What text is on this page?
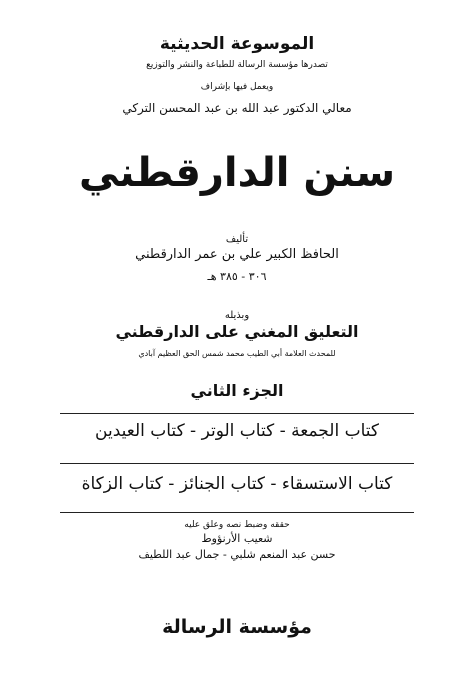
الموسوعة الحديثية
تصدرها مؤسسة الرسالة للطباعة والنشر والتوزيع
ويعمل فيها بإشراف
معالي الدكتور عبد الله بن عبد المحسن التركي
سنن الدارقطني
تأليف
الحافظ الكبير علي بن عمر الدارقطني
٣٠٦ - ٣٨٥ هـ
وبذيله
التعليق المغني على الدارقطني
للمحدث العلامة أبي الطيب محمد شمس الحق العظيم آبادي
الجزء الثاني
كتاب الجمعة - كتاب الوتر - كتاب العيدين
كتاب الاستسقاء - كتاب الجنائز - كتاب الزكاة
حققه وضبط نصه وعلق عليه
شعيب الأرنؤوط
حسن عبد المنعم شلبي - جمال عبد اللطيف
مؤسسة الرسالة
